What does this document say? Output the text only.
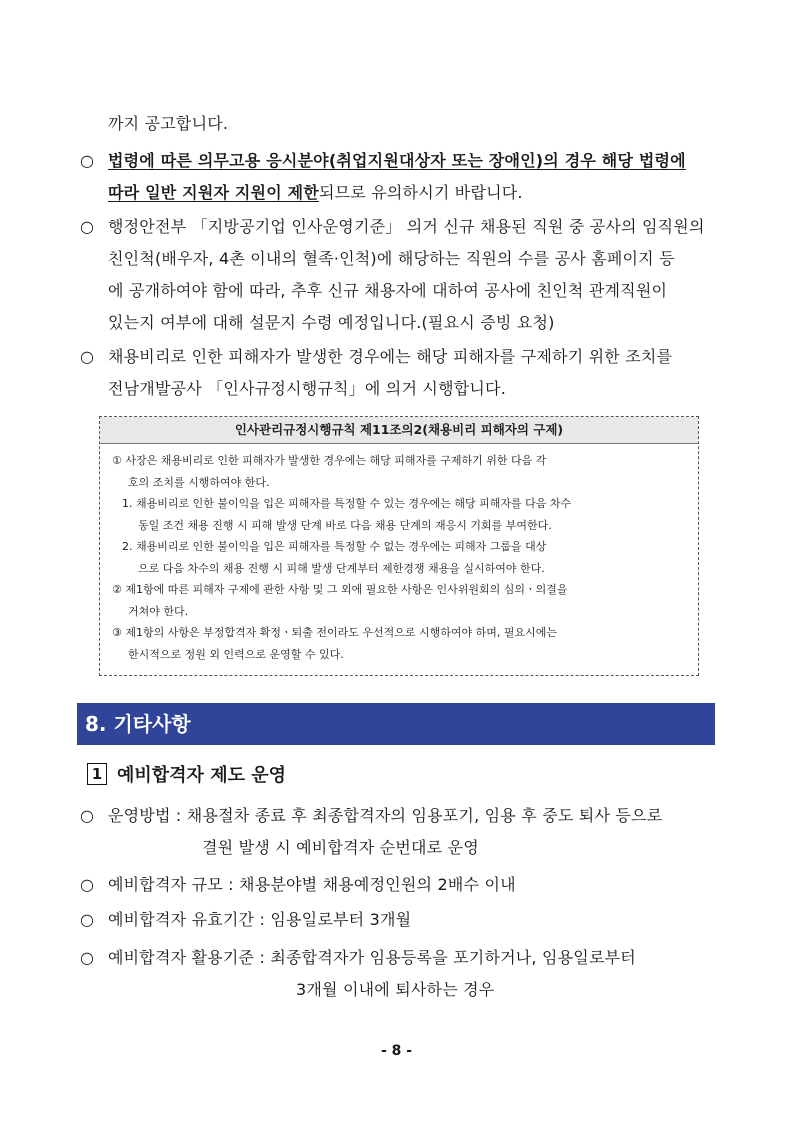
까지 공고합니다.
○ 법령에 따른 의무고용 응시분야(취업지원대상자 또는 장애인)의 경우 해당 법령에
따라 일반 지원자 지원이 제한되므로 유의하시기 바랍니다.
○ 행정안전부 「지방공기업 인사운영기준」 의거 신규 채용된 직원 중 공사의 임직원의
친인척(배우자, 4촌 이내의 혈족·인척)에 해당하는 직원의 수를 공사 홈페이지 등
에 공개하여야 함에 따라, 추후 신규 채용자에 대하여 공사에 친인척 관계직원이
있는지 여부에 대해 설문지 수령 예정입니다.(필요시 증빙 요청)
○ 채용비리로 인한 피해자가 발생한 경우에는 해당 피해자를 구제하기 위한 조치를
전남개발공사 「인사규정시행규칙」에 의거 시행합니다.
인사관리규정시행규칙 제11조의2(채용비리 피해자의 구제)
① 사장은 채용비리로 인한 피해자가 발생한 경우에는 해당 피해자를 구제하기 위한 다음 각
호의 조치를 시행하여야 한다.
1. 채용비리로 인한 불이익을 입은 피해자를 특정할 수 있는 경우에는 해당 피해자를 다음 차수
동일 조건 채용 진행 시 피해 발생 단계 바로 다음 채용 단계의 재응시 기회를 부여한다.
2. 채용비리로 인한 불이익을 입은 피해자를 특정할 수 없는 경우에는 피해자 그룹을 대상
으로 다음 차수의 채용 진행 시 피해 발생 단계부터 제한경쟁 채용을 실시하여야 한다.
② 제1항에 따른 피해자 구제에 관한 사항 및 그 외에 필요한 사항은 인사위원회의 심의ㆍ의결을
거쳐야 한다.
③ 제1항의 사항은 부정합격자 확정ㆍ퇴출 전이라도 우선적으로 시행하여야 하며, 필요시에는
한시적으로 정원 외 인력으로 운영할 수 있다.
8. 기타사항
1 예비합격자 제도 운영
○ 운영방법 : 채용절차 종료 후 최종합격자의 임용포기, 임용 후 중도 퇴사 등으로
결원 발생 시 예비합격자 순번대로 운영
○ 예비합격자 규모 : 채용분야별 채용예정인원의 2배수 이내
○ 예비합격자 유효기간 : 임용일로부터 3개월
○ 예비합격자 활용기준 : 최종합격자가 임용등록을 포기하거나, 임용일로부터
3개월 이내에 퇴사하는 경우
- 8 -
